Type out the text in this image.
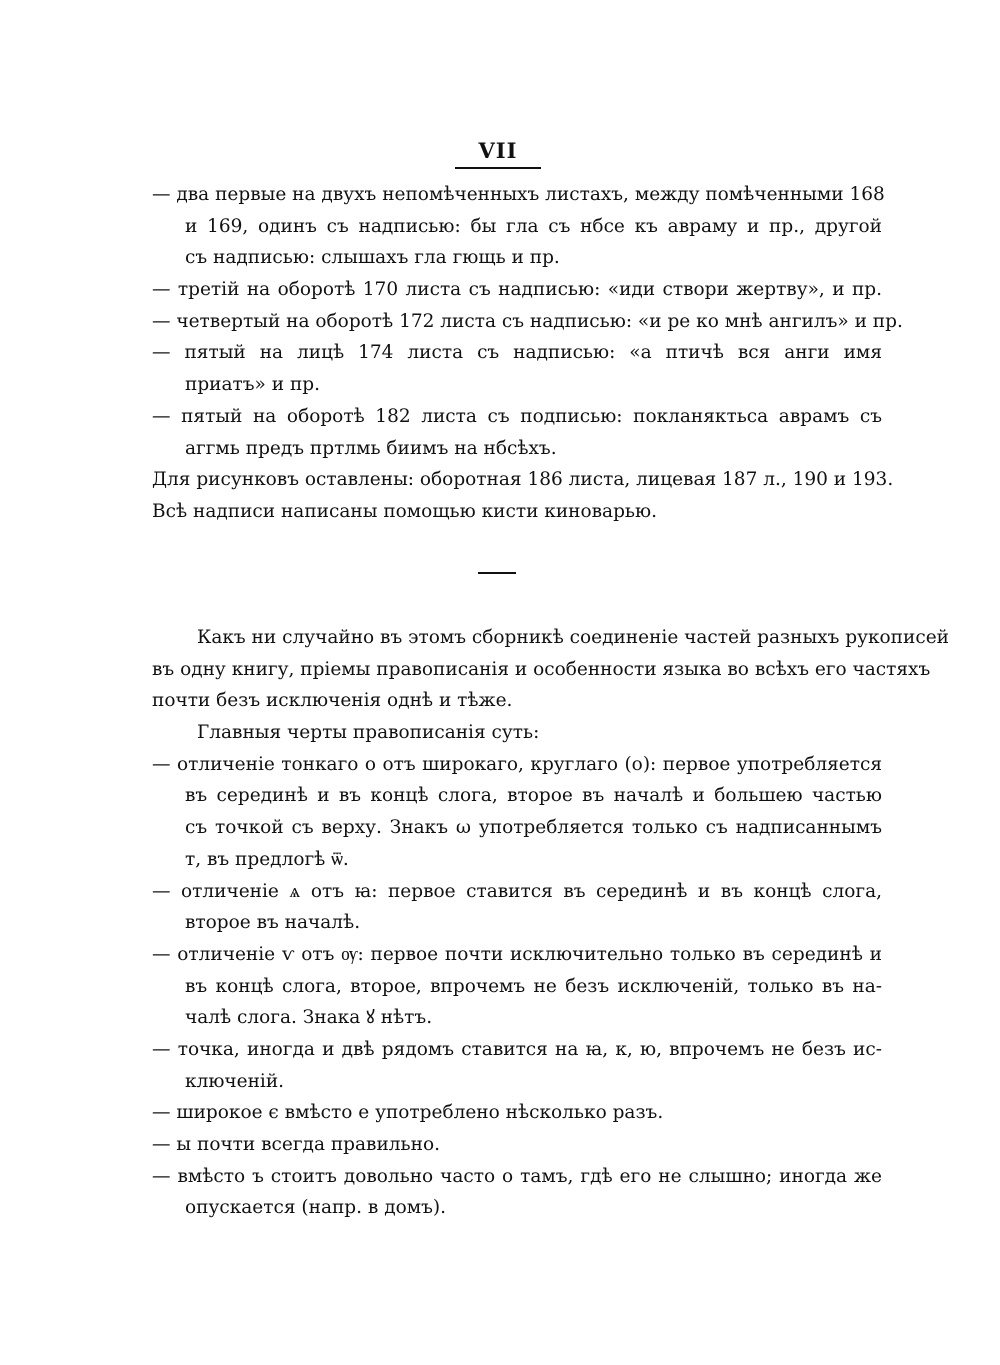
VII
— два первые на двухъ непомѣченныхъ листахъ, между помѣченными 168
и 169, одинъ съ надписью: бы гла съ нбсе къ авраму и пр., другой
съ надписью: слышахъ гла гющь и пр.
— третій на оборотѣ 170 листа съ надписью: «иди створи жертву», и пр.
— четвертый на оборотѣ 172 листа съ надписью: «и ре ко мнѣ ангилъ» и пр.
— пятый на лицѣ 174 листа съ надписью: «а птичѣ вся анги имя
приатъ» и пр.
— пятый на оборотѣ 182 листа съ подписью: покланяктьса аврамъ съ
аггмь предъ пртлмь биимъ на нбсѣхъ.
Для рисунковъ оставлены: оборотная 186 листа, лицевая 187 л., 190 и 193.
Всѣ надписи написаны помощью кисти киноварью.
Какъ ни случайно въ этомъ сборникѣ соединеніе частей разныхъ рукописей
въ одну книгу, пріемы правописанія и особенности языка во всѣхъ его частяхъ
почти безъ исключенія однѣ и тѣже.
Главныя черты правописанія суть:
— отличеніе тонкаго о отъ широкаго, круглаго (о): первое употребляется
въ серединѣ и въ концѣ слога, второе въ началѣ и большею частью
съ точкой съ верху. Знакъ ω употребляется только съ надписаннымъ
т, въ предлогѣ ѿ.
— отличеніе ѧ отъ ꙗ: первое ставится въ серединѣ и въ концѣ слога,
второе въ началѣ.
— отличеніе ѵ отъ ѹ: первое почти исключительно только въ серединѣ и
въ концѣ слога, второе, впрочемъ не безъ исключеній, только въ на-
чалѣ слога. Знака ꙋ нѣтъ.
— точка, иногда и двѣ рядомъ ставится на ꙗ, к, ю, впрочемъ не безъ ис-
ключеній.
— широкое є вмѣсто е употреблено нѣсколько разъ.
— ы почти всегда правильно.
— вмѣсто ъ стоитъ довольно часто о тамъ, гдѣ его не слышно; иногда же
опускается (напр. в домъ).
